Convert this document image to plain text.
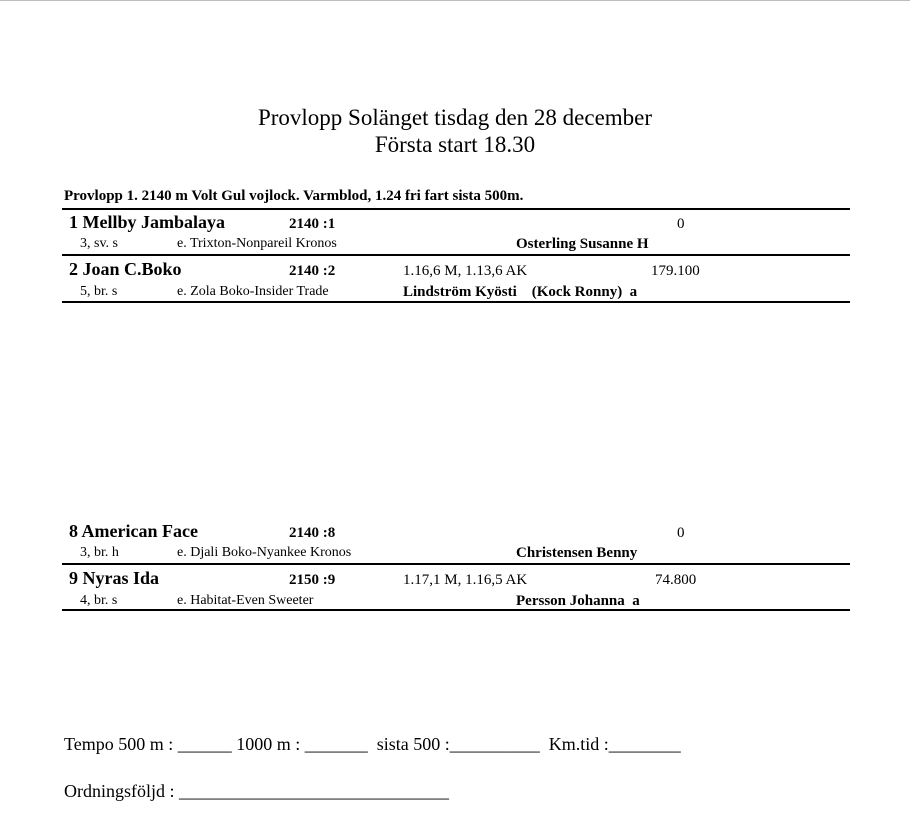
Provlopp Solänget tisdag den 28 december
Första start 18.30
Provlopp 1. 2140 m Volt Gul vojlock. Varmblod, 1.24 fri fart sista 500m.
1 Mellby Jambalaya	2140 :1	0
3, sv. s	e. Trixton-Nonpareil Kronos	Osterling Susanne H
2 Joan C.Boko	2140 :2	1.16,6 M, 1.13,6 AK	179.100
5, br. s	e. Zola Boko-Insider Trade	Lindström Kyösti    (Kock Ronny)  a
8 American Face	2140 :8	0
3, br. h	e. Djali Boko-Nyankee Kronos	Christensen Benny
9 Nyras Ida	2150 :9	1.17,1 M, 1.16,5 AK	74.800
4, br. s	e. Habitat-Even Sweeter	Persson Johanna  a
Tempo 500 m : ______ 1000 m : _______  sista 500 :__________  Km.tid :________
Ordningsföljd : ______________________________
